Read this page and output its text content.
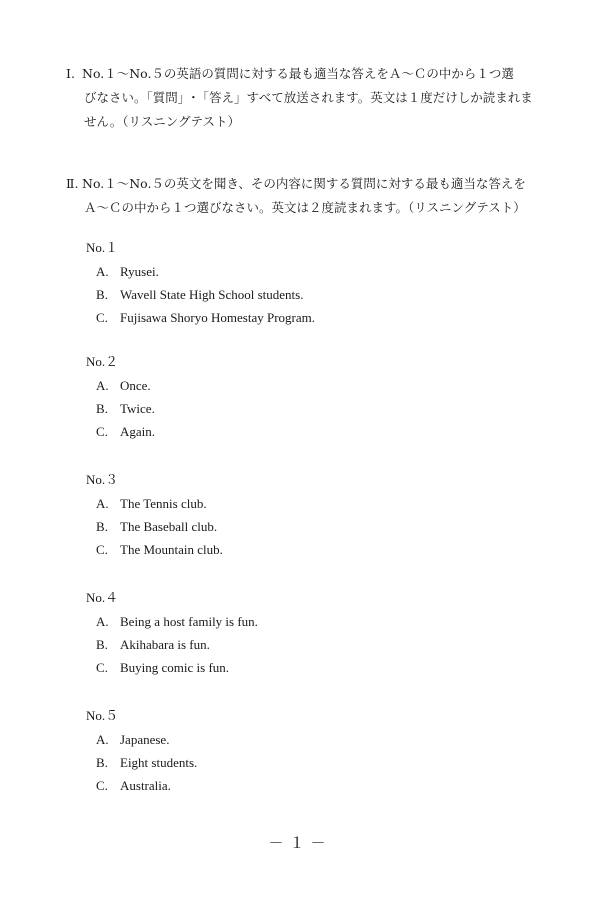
Ⅰ. No.１～No.５の英語の質問に対する最も適当な答えをＡ～Ｃの中から１つ選
びなさい。「質問」･「答え」すべて放送されます。英文は１度だけしか読まれま
せん。（リスニングテスト）
Ⅱ. No.１～No.５の英文を聞き、その内容に関する質問に対する最も適当な答えを
Ａ～Ｃの中から１つ選びなさい。英文は２度読まれます。（リスニングテスト）
No.１
A. Ryusei.
B. Wavell State High School students.
C. Fujisawa Shoryo Homestay Program.
No.２
A. Once.
B. Twice.
C. Again.
No.３
A. The Tennis club.
B. The Baseball club.
C. The Mountain club.
No.４
A. Being a host family is fun.
B. Akihabara is fun.
C. Buying comic is fun.
No.５
A. Japanese.
B. Eight students.
C. Australia.
－１－
